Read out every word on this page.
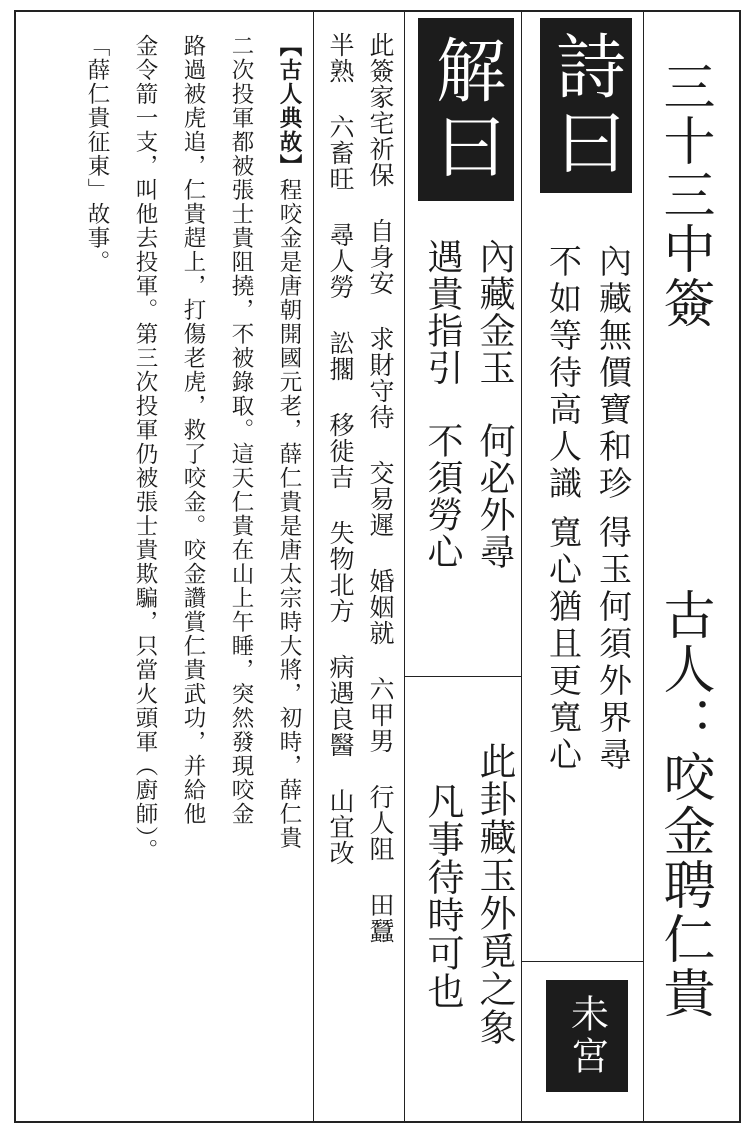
三十三中簽
古人：咬金聘仁貴
詩曰
內藏無價寶和珍得玉何須外界尋
不如等待高人識寬心猶且更寬心
未宮
解曰
內藏金玉何必外尋
遇貴指引不須勞心
此卦藏玉外覓之象
凡事待時可也
此簽家宅祈保 自身安 求財守待 交易遲 婚姻就 六甲男 行人阻 田蠶
半熟 六畜旺 尋人勞 訟擱 移徙吉 失物北方 病遇良醫 山宜改
【古人典故】程咬金是唐朝開國元老，薛仁貴是唐太宗時大將，初時，薛仁貴
二次投軍都被張士貴阻撓，不被錄取。這天仁貴在山上午睡，突然發現咬金
路過被虎追，仁貴趕上，打傷老虎，救了咬金。咬金讚賞仁貴武功，并給他
金令箭一支，叫他去投軍。第三次投軍仍被張士貴欺騙，只當火頭軍（廚師）。
「薛仁貴征東」故事。
